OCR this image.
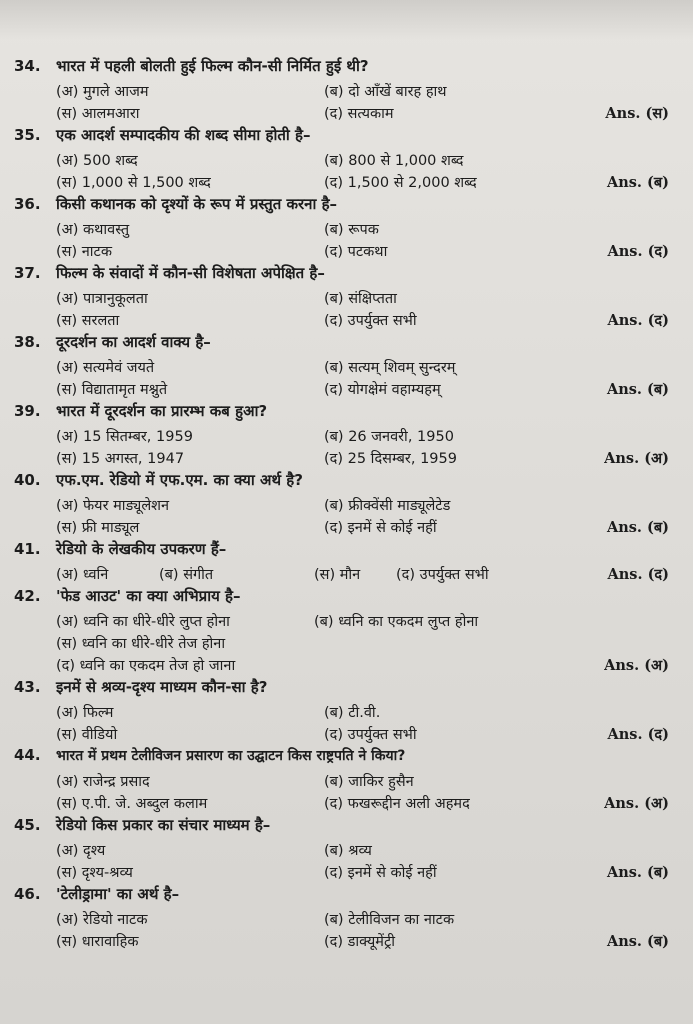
34.	भारत में पहली बोलती हुई फिल्म कौन-सी निर्मित हुई थी?
(अ) मुगले आजम	(ब) दो आँखें बारह हाथ
(स) आलमआरा	(द) सत्यकाम	Ans. (स)
35.	एक आदर्श सम्पादकीय की शब्द सीमा होती है–
(अ) 500 शब्द	(ब) 800 से 1,000 शब्द
(स) 1,000 से 1,500 शब्द	(द) 1,500 से 2,000 शब्द	Ans. (ब)
36.	किसी कथानक को दृश्यों के रूप में प्रस्तुत करना है–
(अ) कथावस्तु	(ब) रूपक
(स) नाटक	(द) पटकथा	Ans. (द)
37.	फिल्म के संवादों में कौन-सी विशेषता अपेक्षित है–
(अ) पात्रानुकूलता	(ब) संक्षिप्तता
(स) सरलता	(द) उपर्युक्त सभी	Ans. (द)
38.	दूरदर्शन का आदर्श वाक्य है–
(अ) सत्यमेवं जयते	(ब) सत्यम् शिवम् सुन्दरम्
(स) विद्यातामृत मश्नुते	(द) योगक्षेमं वहाम्यहम्	Ans. (ब)
39.	भारत में दूरदर्शन का प्रारम्भ कब हुआ?
(अ) 15 सितम्बर, 1959	(ब) 26 जनवरी, 1950
(स) 15 अगस्त, 1947	(द) 25 दिसम्बर, 1959	Ans. (अ)
40.	एफ.एम. रेडियो में एफ.एम. का क्या अर्थ है?
(अ) फेयर माड्यूलेशन	(ब) फ्रीक्वेंसी माड्यूलेटेड
(स) फ्री माड्यूल	(द) इनमें से कोई नहीं	Ans. (ब)
41.	रेडियो के लेखकीय उपकरण हैं–
(अ) ध्वनि	(ब) संगीत	(स) मौन (द) उपर्युक्त सभी	Ans. (द)
42.	'फेड आउट' का क्या अभिप्राय है–
(अ) ध्वनि का धीरे-धीरे लुप्त होना	(ब) ध्वनि का एकदम लुप्त होना
(स) ध्वनि का धीरे-धीरे तेज होना
(द) ध्वनि का एकदम तेज हो जाना	Ans. (अ)
43.	इनमें से श्रव्य-दृश्य माध्यम कौन-सा है?
(अ) फिल्म	(ब) टी.वी.
(स) वीडियो	(द) उपर्युक्त सभी	Ans. (द)
44.	भारत में प्रथम टेलीविजन प्रसारण का उद्घाटन किस राष्ट्रपति ने किया?
(अ) राजेन्द्र प्रसाद	(ब) जाकिर हुसैन
(स) ए.पी. जे. अब्दुल कलाम	(द) फखरूद्दीन अली अहमद	Ans. (अ)
45.	रेडियो किस प्रकार का संचार माध्यम है–
(अ) दृश्य	(ब) श्रव्य
(स) दृश्य-श्रव्य	(द) इनमें से कोई नहीं	Ans. (ब)
46.	'टेलीड्रामा' का अर्थ है–
(अ) रेडियो नाटक	(ब) टेलीविजन का नाटक
(स) धारावाहिक	(द) डाक्यूमेंट्री	Ans. (ब)
